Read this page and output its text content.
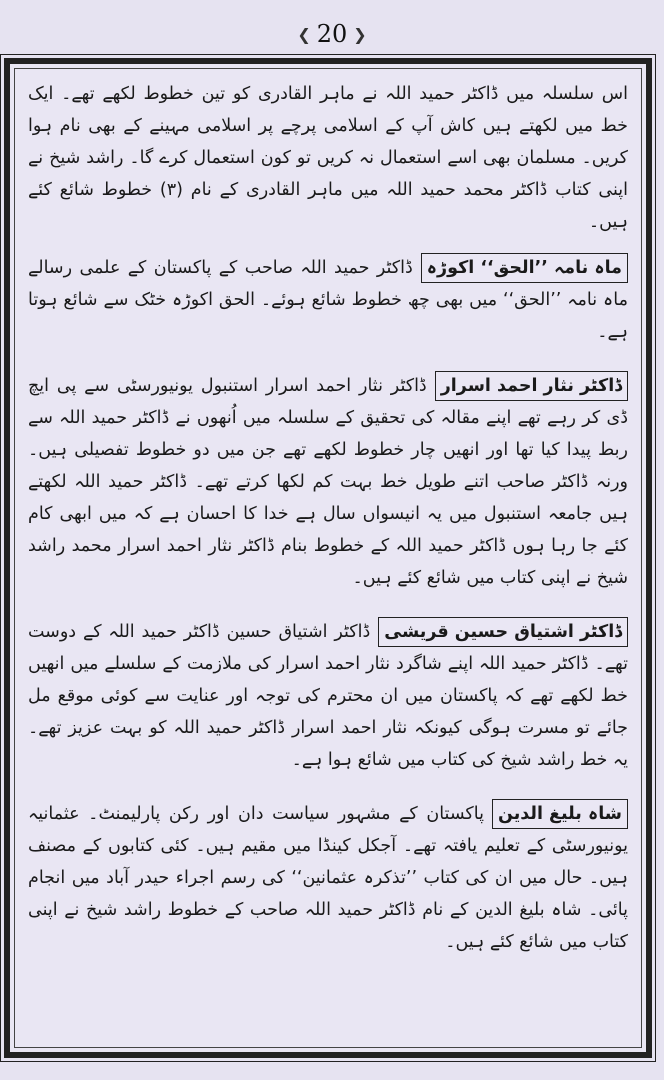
❮ 20 ❯

اس سلسلہ میں ڈاکٹر حمید اللہ نے ماہر القادری کو تین خطوط لکھے تھے۔ ایک خط میں لکھتے ہیں کاش آپ کے اسلامی پرچے پر اسلامی مہینے کے بھی نام ہوا کریں۔ مسلمان بھی اسے استعمال نہ کریں تو کون استعمال کرے گا۔ راشد شیخ نے اپنی کتاب ڈاکٹر محمد حمید اللہ میں ماہر القادری کے نام (۳) خطوط شائع کئے ہیں۔

ماہ نامہ ’’الحق‘‘ اکوڑہڈاکٹر حمید اللہ صاحب کے پاکستان کے علمی رسالے ماہ نامہ ’’الحق‘‘ میں بھی چھ خطوط شائع ہوئے۔ الحق اکوڑہ خٹک سے شائع ہوتا ہے۔

ڈاکٹر نثار احمد اسرارڈاکٹر نثار احمد اسرار استنبول یونیورسٹی سے پی ایچ ڈی کر رہے تھے اپنے مقالہ کی تحقیق کے سلسلہ میں اُنھوں نے ڈاکٹر حمید اللہ سے ربط پیدا کیا تھا اور انھیں چار خطوط لکھے تھے جن میں دو خطوط تفصیلی ہیں۔ ورنہ ڈاکٹر صاحب اتنے طویل خط بہت کم لکھا کرتے تھے۔ ڈاکٹر حمید اللہ لکھتے ہیں جامعہ استنبول میں یہ انیسواں سال ہے خدا کا احسان ہے کہ میں ابھی کام کئے جا رہا ہوں ڈاکٹر حمید اللہ کے خطوط بنام ڈاکٹر نثار احمد اسرار محمد راشد شیخ نے اپنی کتاب میں شائع کئے ہیں۔

ڈاکٹر اشتیاق حسین قریشیڈاکٹر اشتیاق حسین ڈاکٹر حمید اللہ کے دوست تھے۔ ڈاکٹر حمید اللہ اپنے شاگرد نثار احمد اسرار کی ملازمت کے سلسلے میں انھیں خط لکھے تھے کہ پاکستان میں ان محترم کی توجہ اور عنایت سے کوئی موقع مل جائے تو مسرت ہوگی کیونکہ نثار احمد اسرار ڈاکٹر حمید اللہ کو بہت عزیز تھے۔ یہ خط راشد شیخ کی کتاب میں شائع ہوا ہے۔

شاہ بلیغ الدینپاکستان کے مشہور سیاست دان اور رکن پارلیمنٹ۔ عثمانیہ یونیورسٹی کے تعلیم یافتہ تھے۔ آجکل کینڈا میں مقیم ہیں۔ کئی کتابوں کے مصنف ہیں۔ حال میں ان کی کتاب ’’تذکرہ عثمانین‘‘ کی رسم اجراء حیدر آباد میں انجام پائی۔ شاہ بلیغ الدین کے نام ڈاکٹر حمید اللہ صاحب کے خطوط راشد شیخ نے اپنی کتاب میں شائع کئے ہیں۔
